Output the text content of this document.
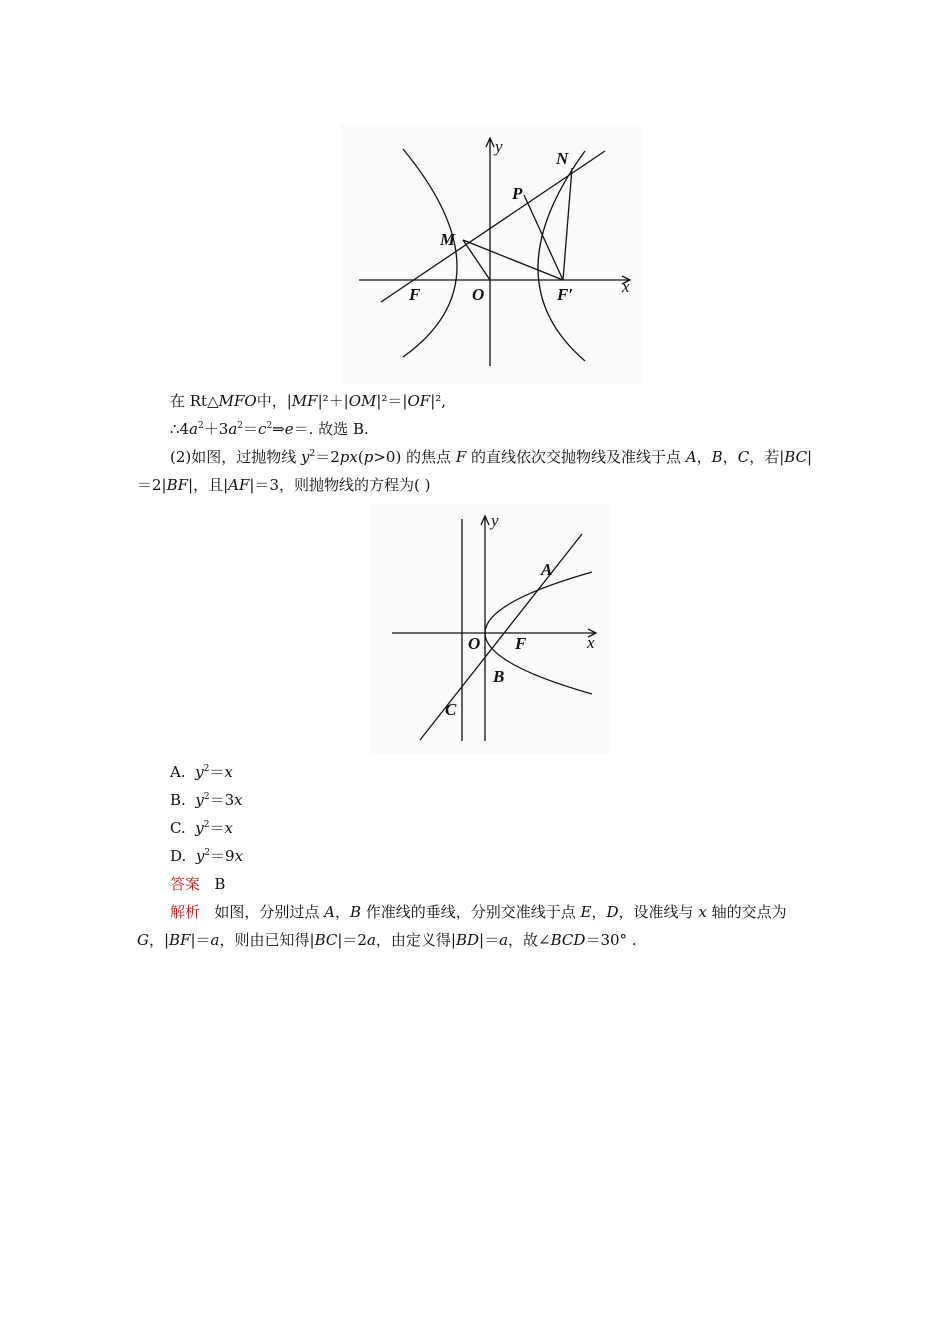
y
N
P
M
F	O	F′	x
在 Rt△MFO中，|MF|²＋|OM|²＝|OF|²,
$\therefore 4a^2+3a^2=c^2\Rightarrow e=$. 故选 B.
(2)如图，过抛物线 $y^2=2px(p>0)$ 的焦点 F 的直线依次交抛物线及准线于点 A，B，C，若|BC|
＝2|BF|，且|AF|＝3，则抛物线的方程为( )
y
A
O F	x
B
C
A. $y^2=x$
B. $y^2=3x$
C. $y^2=x$
D. $y^2=9x$
答案 B
解析 如图，分别过点 A，B 作准线的垂线，分别交准线于点 E，D，设准线与 x 轴的交点为
G，|BF|＝a，则由已知得|BC|＝2a，由定义得|BD|＝a，故∠BCD＝30° .
